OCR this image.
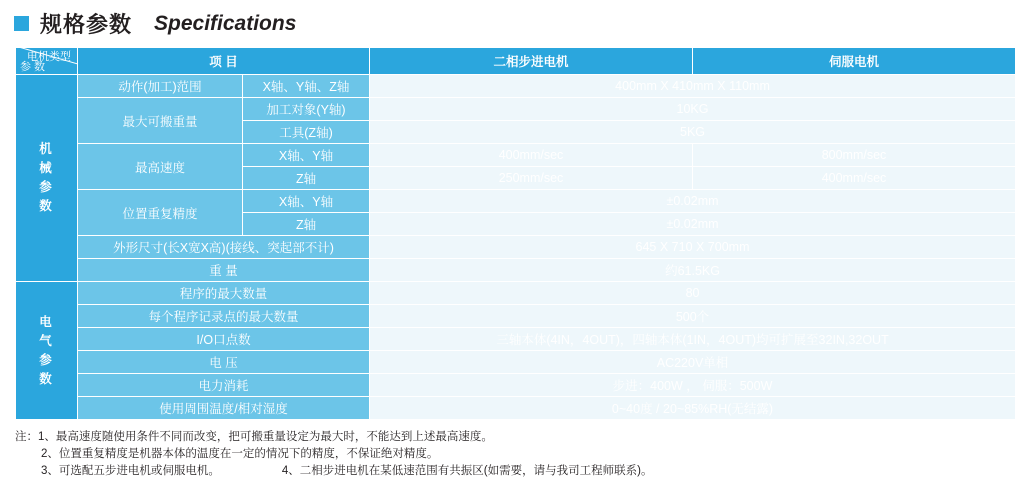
规格参数 Specifications
电机类型
参 数	项 目		二相步进电机	伺服电机

机
械
参
数	动作(加工)范围	X轴、Y轴、Z轴	400mm X 410mm X 110mm	
	最大可搬重量	加工对象(Y轴)	10KG	
		工具(Z轴)	5KG	
	最高速度	X轴、Y轴	400mm/sec	800mm/sec
		Z轴	250mm/sec	400mm/sec
	位置重复精度	X轴、Y轴	±0.02mm	
		Z轴	±0.02mm	
	外形尺寸(长X宽X高)(接线、突起部不计)		645 X 710 X 700mm	
	重 量		约61.5KG	

电
气
参
数	程序的最大数量		80	
	每个程序记录点的最大数量		500个	
	I/O口点数		三轴本体(4IN，4OUT)，四轴本体(1IN，4OUT)均可扩展至32IN,32OUT	
	电 压		AC220V单相	
	电力消耗		步进：400W ， 伺服：500W	
	使用周围温度/相对湿度		0~40度 / 20~85%RH(无结露)	
注：1、最高速度随使用条件不同而改变，把可搬重量设定为最大时，不能达到上述最高速度。
2、位置重复精度是机器本体的温度在一定的情况下的精度，不保证绝对精度。
3、可选配五步进电机或伺服电机。	4、二相步进电机在某低速范围有共振区(如需要，请与我司工程师联系)。
